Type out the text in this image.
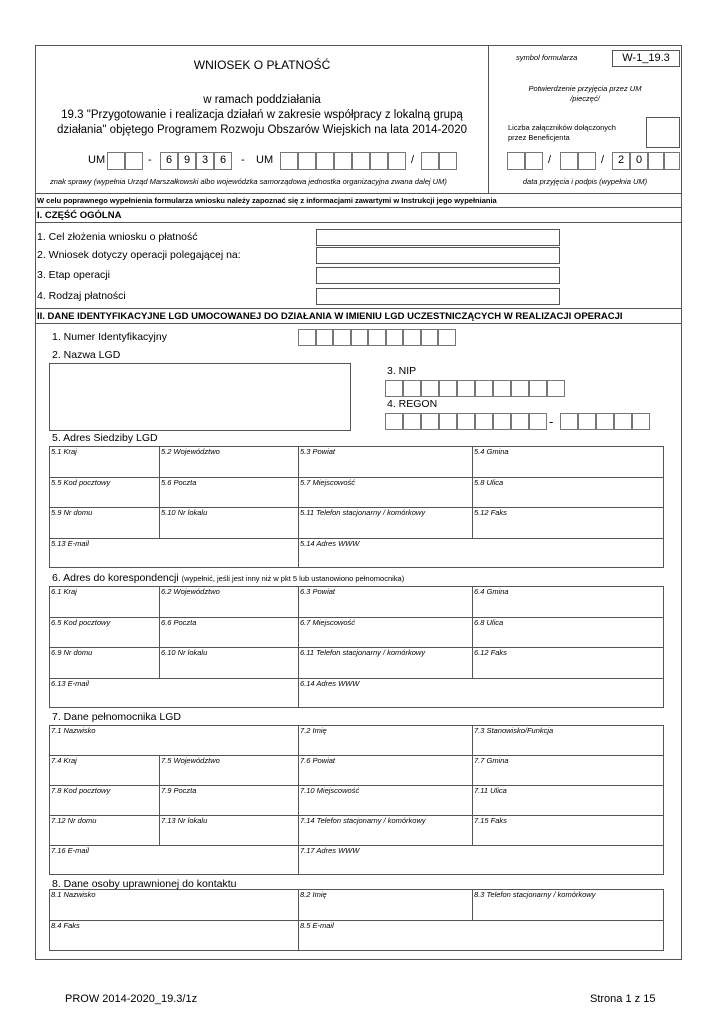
WNIOSEK O PŁATNOŚĆ
w ramach poddziałania
19.3 "Przygotowanie i realizacja działań w zakresie współpracy z lokalną grupą
działania" objętego Programem Rozwoju Obszarów Wiejskich na lata 2014-2020
UM	-	6	9	3	6	- UM	/
znak sprawy (wypełnia Urząd Marszałkowski albo wojewódzka samorządowa jednostka organizacyjna zwana dalej UM)
symbol formularza	W-1_19.3
Potwierdzenie przyjęcia przez UM
/pieczęć/
Liczba załączników dołączonych
przez Beneficjenta
/	/	2	0
data przyjęcia i podpis (wypełnia UM)
W celu poprawnego wypełnienia formularza wniosku należy zapoznać się z informacjami zawartymi w Instrukcji jego wypełniania
I. CZĘŚĆ OGÓLNA
1. Cel złożenia wniosku o płatność
2. Wniosek dotyczy operacji polegającej na:
3. Etap operacji
4. Rodzaj płatności
II. DANE IDENTYFIKACYJNE LGD UMOCOWANEJ DO DZIAŁANIA W IMIENIU LGD UCZESTNICZĄCYCH W REALIZACJI OPERACJI
1. Numer Identyfikacyjny
2. Nazwa LGD
3. NIP
4. REGON
-
5. Adres Siedziby LGD
5.1 Kraj	5.2 Województwo	5.3 Powiat	5.4 Gmina
5.5 Kod pocztowy	5.6 Poczta	5.7 Miejscowość	5.8 Ulica
5.9 Nr domu	5.10 Nr lokalu	5.11 Telefon stacjonarny / komórkowy	5.12 Faks
5.13 E-mail	5.14 Adres WWW
6. Adres do korespondencji (wypełnić, jeśli jest inny niż w pkt 5 lub ustanowiono pełnomocnika)
6.1 Kraj	6.2 Województwo	6.3 Powiat	6.4 Gmina
6.5 Kod pocztowy	6.6 Poczta	6.7 Miejscowość	6.8 Ulica
6.9 Nr domu	6.10 Nr lokalu	6.11 Telefon stacjonarny / komórkowy	6.12 Faks
6.13 E-mail	6.14 Adres WWW
7. Dane pełnomocnika LGD
7.1 Nazwisko	7.2 Imię	7.3 Stanowisko/Funkcja
7.4 Kraj	7.5 Województwo	7.6 Powiat	7.7 Gmina
7.8 Kod pocztowy	7.9 Poczta	7.10 Miejscowość	7.11 Ulica
7.12 Nr domu	7.13 Nr lokalu	7.14 Telefon stacjonarny / komórkowy	7.15 Faks
7.16 E-mail	7.17 Adres WWW
8. Dane osoby uprawnionej do kontaktu
8.1 Nazwisko	8.2 Imię	8.3 Telefon stacjonarny / komórkowy
8.4 Faks	8.5 E-mail
PROW 2014-2020_19.3/1z	Strona 1 z 15
